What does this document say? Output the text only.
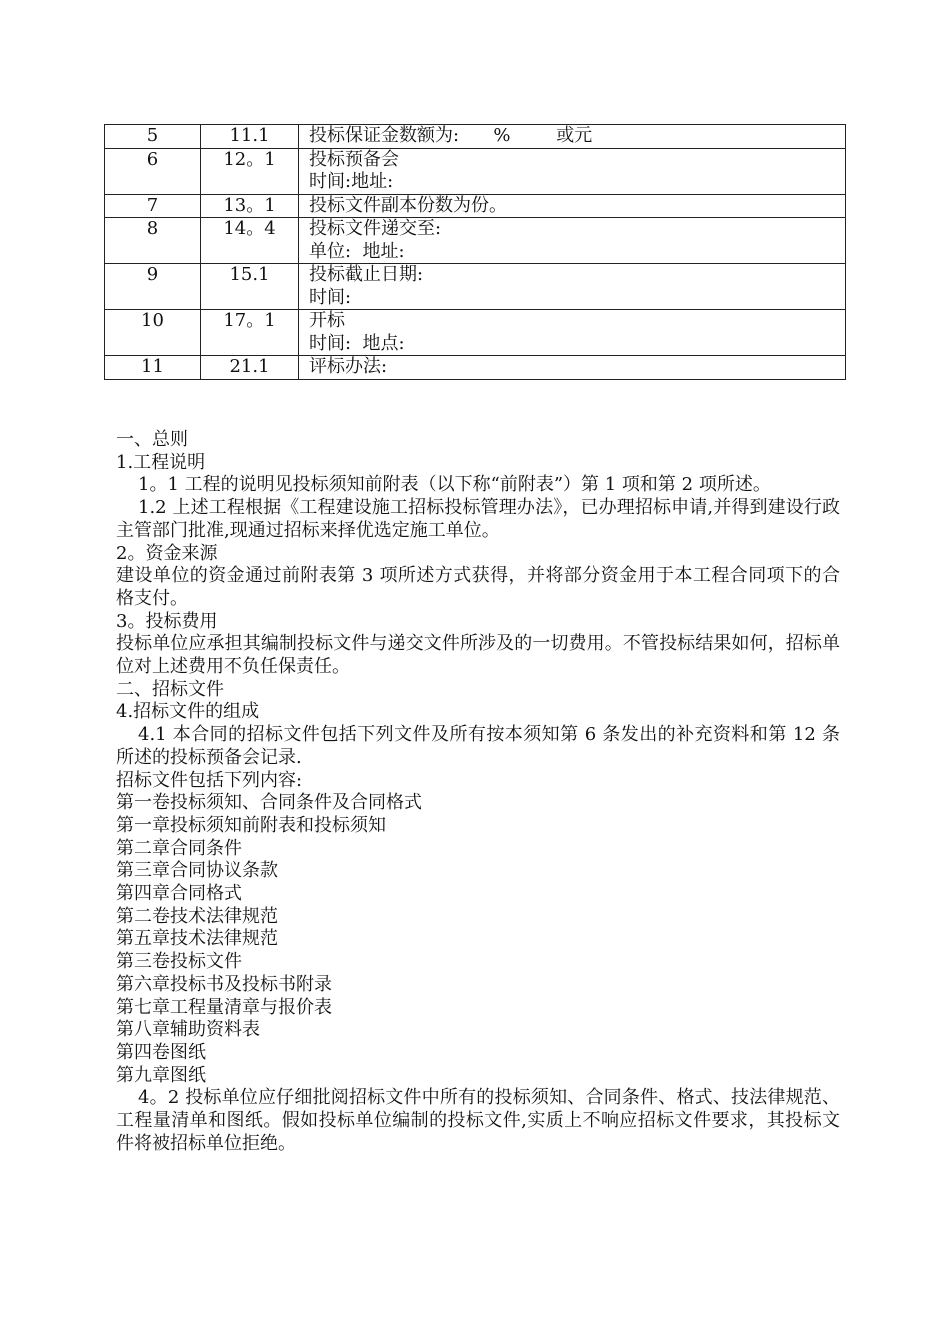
5	11.1	投标保证金数额为:      %        或元

6	12。1	投标预备会
时间:地址:

7	13。1	投标文件副本份数为份。

8	14。4	投标文件递交至:
单位:  地址:

9	15.1	投标截止日期:
时间:

10	17。1	开标
时间:  地点:

11	21.1	评标办法:

一、总则

1.工程说明

1。1 工程的说明见投标须知前附表（以下称“前附表”）第 1 项和第 2 项所述。

1.2 上述工程根据《工程建设施工招标投标管理办法》，已办理招标申请,并得到建设行政主管部门批准,现通过招标来择优选定施工单位。

2。资金来源

建设单位的资金通过前附表第 3 项所述方式获得，并将部分资金用于本工程合同项下的合格支付。

3。投标费用

投标单位应承担其编制投标文件与递交文件所涉及的一切费用。不管投标结果如何，招标单位对上述费用不负任保责任。

二、招标文件

4.招标文件的组成

4.1 本合同的招标文件包括下列文件及所有按本须知第 6 条发出的补充资料和第 12 条所述的投标预备会记录.

招标文件包括下列内容:

第一卷投标须知、合同条件及合同格式

第一章投标须知前附表和投标须知

第二章合同条件

第三章合同协议条款

第四章合同格式

第二卷技术法律规范

第五章技术法律规范

第三卷投标文件

第六章投标书及投标书附录

第七章工程量清章与报价表

第八章辅助资料表

第四卷图纸

第九章图纸

4。2 投标单位应仔细批阅招标文件中所有的投标须知、合同条件、格式、技法律规范、工程量清单和图纸。假如投标单位编制的投标文件,实质上不响应招标文件要求，其投标文件将被招标单位拒绝。
